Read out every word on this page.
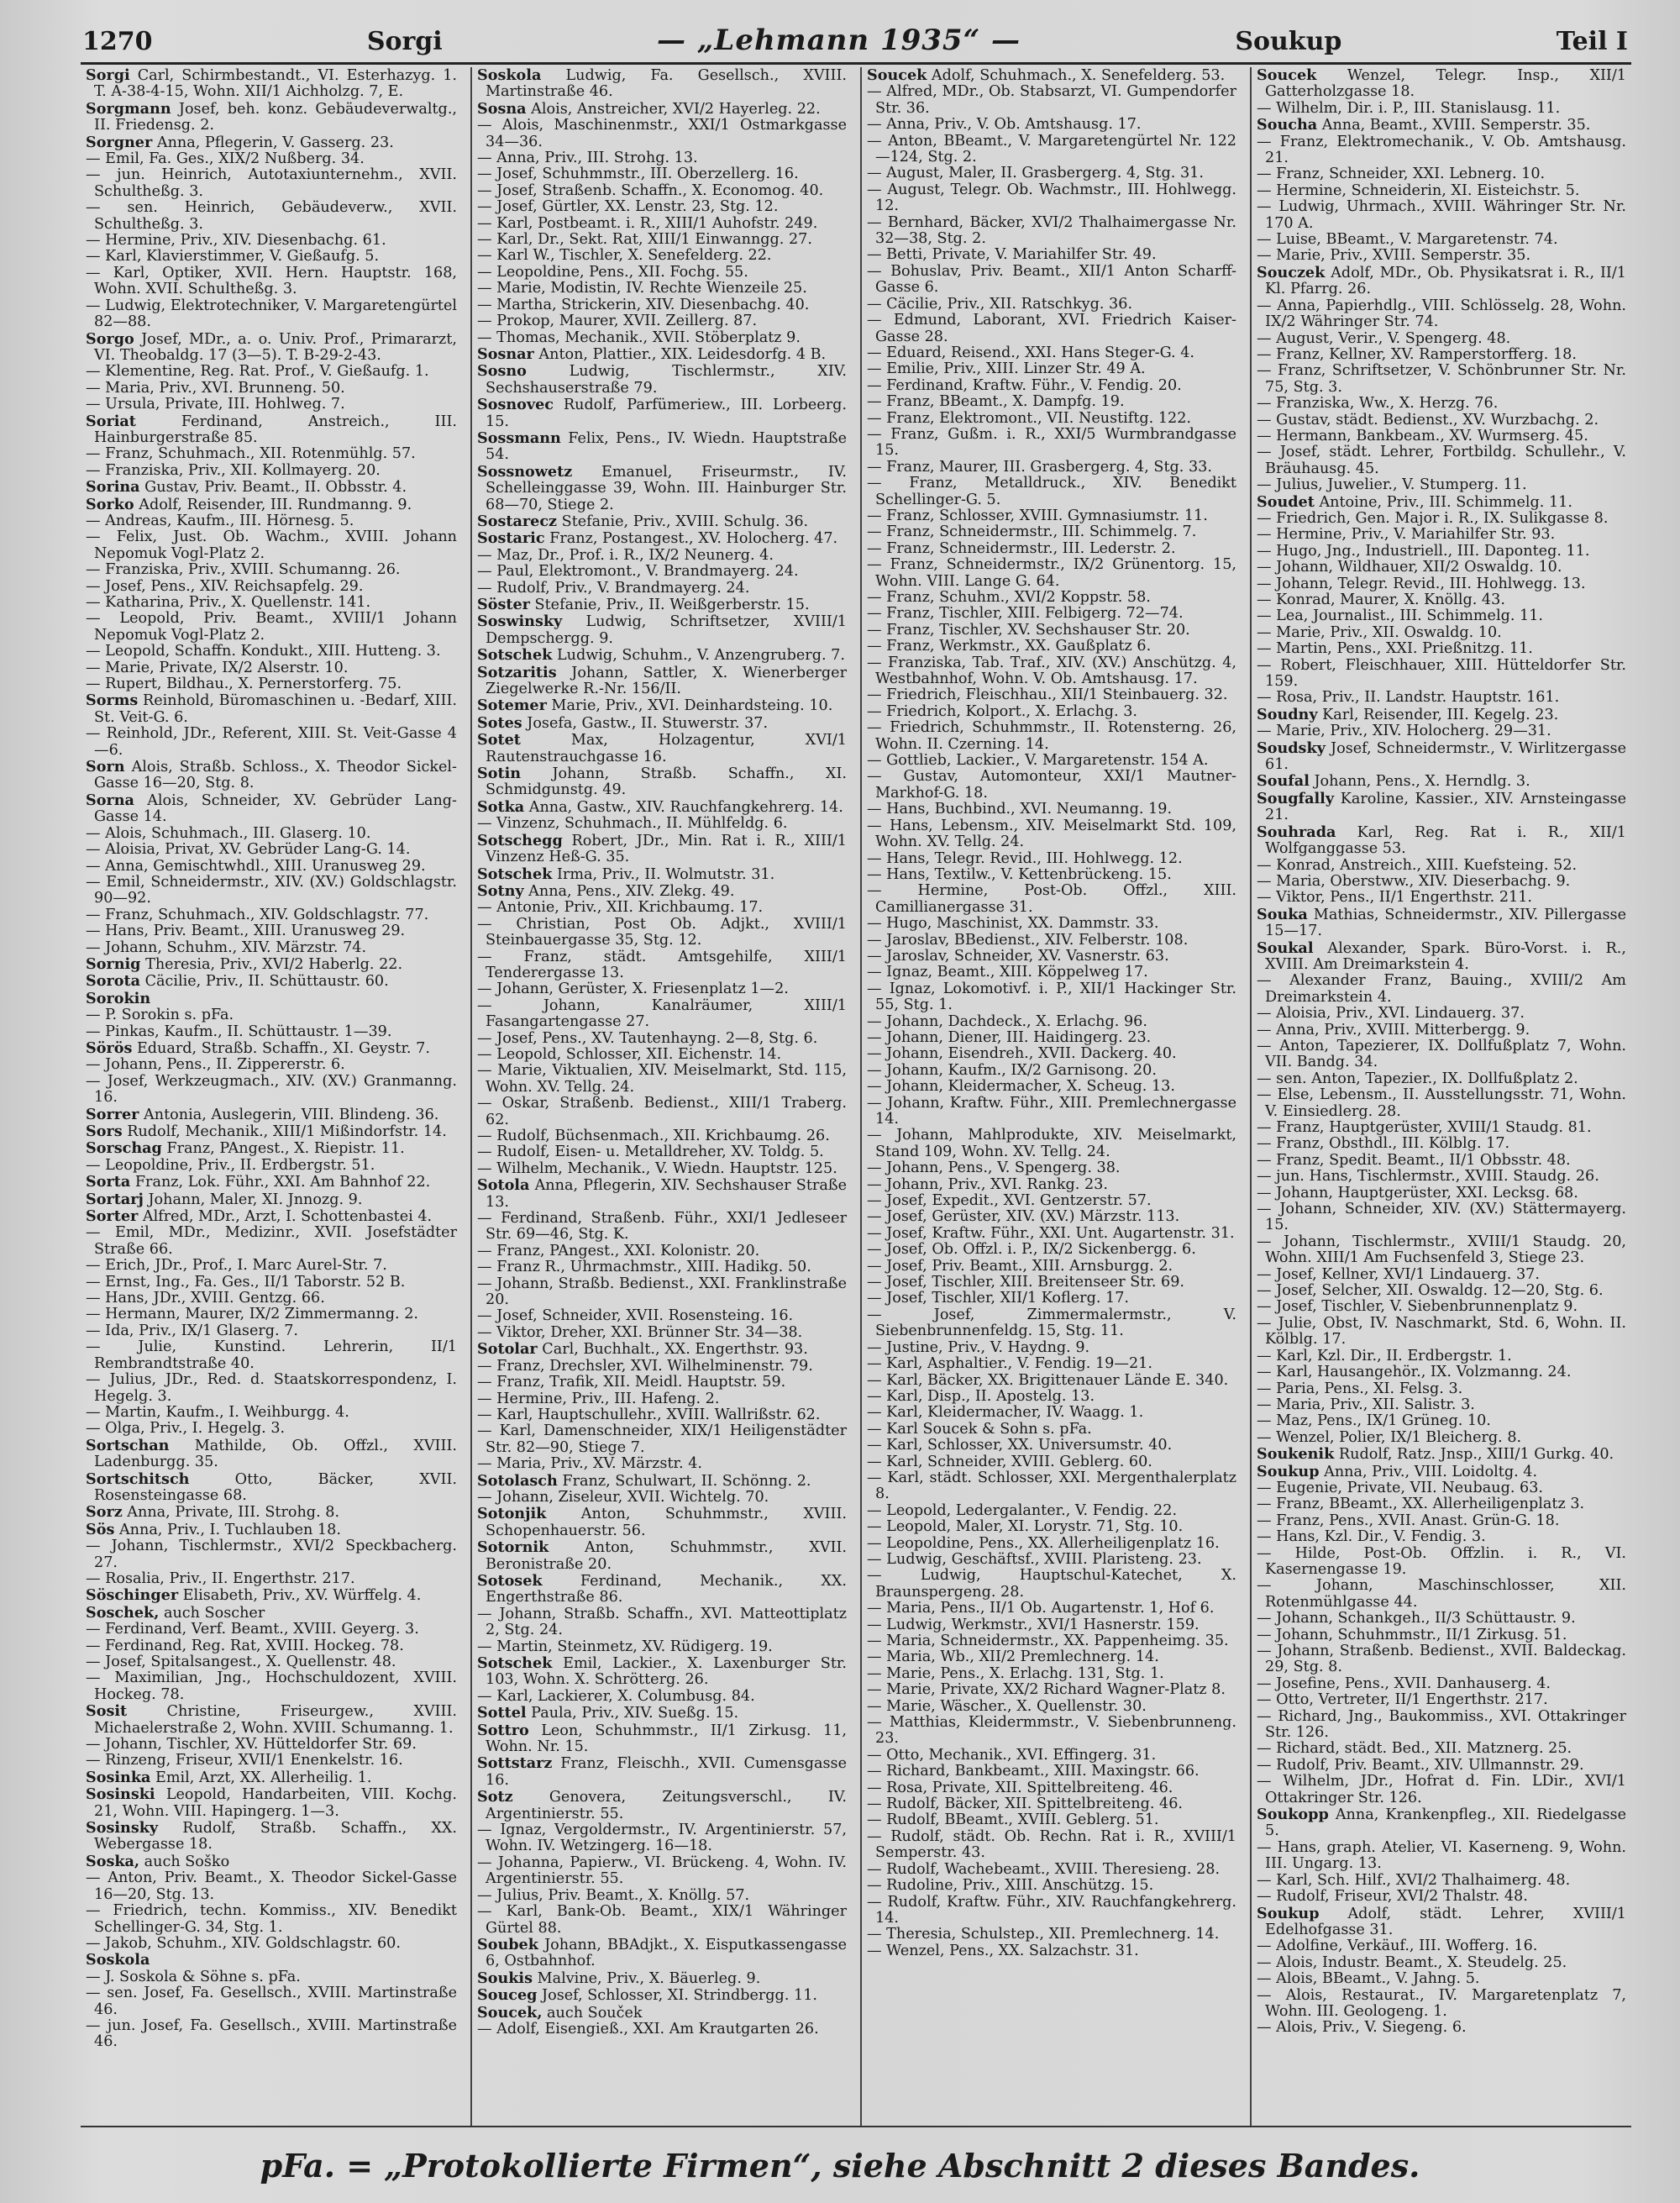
1270	Sorgi	— „Lehmann 1935“ —	Soukup	Teil I

Sorgi Carl, Schirmbestandt., VI. Esterhazyg. 1. T. A-38-4-15, Wohn. XII/1 Aichholzg. 7, E.

Sorgmann Josef, beh. konz. Gebäudeverwaltg., II. Friedensg. 2.

Sorgner Anna, Pflegerin, V. Gasserg. 23.

— Emil, Fa. Ges., XIX/2 Nußberg. 34.

— jun. Heinrich, Autotaxiunternehm., XVII. Schultheßg. 3.

— sen. Heinrich, Gebäudeverw., XVII. Schultheßg. 3.

— Hermine, Priv., XIV. Diesenbachg. 61.

— Karl, Klavierstimmer, V. Gießaufg. 5.

— Karl, Optiker, XVII. Hern. Hauptstr. 168, Wohn. XVII. Schultheßg. 3.

— Ludwig, Elektrotechniker, V. Margaretengürtel 82—88.

Sorgo Josef, MDr., a. o. Univ. Prof., Primararzt, VI. Theobaldg. 17 (3—5). T. B-29-2-43.

— Klementine, Reg. Rat. Prof., V. Gießaufg. 1.

— Maria, Priv., XVI. Brunneng. 50.

— Ursula, Private, III. Hohlweg. 7.

Soriat Ferdinand, Anstreich., III. Hainburgerstraße 85.

— Franz, Schuhmach., XII. Rotenmühlg. 57.

— Franziska, Priv., XII. Kollmayerg. 20.

Sorina Gustav, Priv. Beamt., II. Obbsstr. 4.

Sorko Adolf, Reisender, III. Rundmanng. 9.

— Andreas, Kaufm., III. Hörnesg. 5.

— Felix, Just. Ob. Wachm., XVIII. Johann Nepomuk Vogl-Platz 2.

— Franziska, Priv., XVIII. Schumanng. 26.

— Josef, Pens., XIV. Reichsapfelg. 29.

— Katharina, Priv., X. Quellenstr. 141.

— Leopold, Priv. Beamt., XVIII/1 Johann Nepomuk Vogl-Platz 2.

— Leopold, Schaffn. Kondukt., XIII. Hutteng. 3.

— Marie, Private, IX/2 Alserstr. 10.

— Rupert, Bildhau., X. Pernerstorferg. 75.

Sorms Reinhold, Büromaschinen u. -Bedarf, XIII. St. Veit-G. 6.

— Reinhold, JDr., Referent, XIII. St. Veit-Gasse 4—6.

Sorn Alois, Straßb. Schloss., X. Theodor Sickel-Gasse 16—20, Stg. 8.

Sorna Alois, Schneider, XV. Gebrüder Lang-Gasse 14.

— Alois, Schuhmach., III. Glaserg. 10.

— Aloisia, Privat, XV. Gebrüder Lang-G. 14.

— Anna, Gemischtwhdl., XIII. Uranusweg 29.

— Emil, Schneidermstr., XIV. (XV.) Goldschlagstr. 90—92.

— Franz, Schuhmach., XIV. Goldschlagstr. 77.

— Hans, Priv. Beamt., XIII. Uranusweg 29.

— Johann, Schuhm., XIV. Märzstr. 74.

Sornig Theresia, Priv., XVI/2 Haberlg. 22.

Sorota Cäcilie, Priv., II. Schüttaustr. 60.

Sorokin

— P. Sorokin s. pFa.

— Pinkas, Kaufm., II. Schüttaustr. 1—39.

Sörös Eduard, Straßb. Schaffn., XI. Geystr. 7.

— Johann, Pens., II. Zippererstr. 6.

— Josef, Werkzeugmach., XIV. (XV.) Granmanng. 16.

Sorrer Antonia, Auslegerin, VIII. Blindeng. 36.

Sors Rudolf, Mechanik., XIII/1 Mißindorfstr. 14.

Sorschag Franz, PAngest., X. Riepistr. 11.

— Leopoldine, Priv., II. Erdbergstr. 51.

Sorta Franz, Lok. Führ., XXI. Am Bahnhof 22.

Sortarj Johann, Maler, XI. Jnnozg. 9.

Sorter Alfred, MDr., Arzt, I. Schottenbastei 4.

— Emil, MDr., Medizinr., XVII. Josefstädter Straße 66.

— Erich, JDr., Prof., I. Marc Aurel-Str. 7.

— Ernst, Ing., Fa. Ges., II/1 Taborstr. 52 B.

— Hans, JDr., XVIII. Gentzg. 66.

— Hermann, Maurer, IX/2 Zimmermanng. 2.

— Ida, Priv., IX/1 Glaserg. 7.

— Julie, Kunstind. Lehrerin, II/1 Rembrandtstraße 40.

— Julius, JDr., Red. d. Staatskorrespondenz, I. Hegelg. 3.

— Martin, Kaufm., I. Weihburgg. 4.

— Olga, Priv., I. Hegelg. 3.

Sortschan Mathilde, Ob. Offzl., XVIII. Ladenburgg. 35.

Sortschitsch Otto, Bäcker, XVII. Rosensteingasse 68.

Sorz Anna, Private, III. Strohg. 8.

Sös Anna, Priv., I. Tuchlauben 18.

— Johann, Tischlermstr., XVI/2 Speckbacherg. 27.

— Rosalia, Priv., II. Engerthstr. 217.

Söschinger Elisabeth, Priv., XV. Würffelg. 4.

Soschek, auch Soscher

— Ferdinand, Verf. Beamt., XVIII. Geyerg. 3.

— Ferdinand, Reg. Rat, XVIII. Hockeg. 78.

— Josef, Spitalsangest., X. Quellenstr. 48.

— Maximilian, Jng., Hochschuldozent, XVIII. Hockeg. 78.

Sosit Christine, Friseurgew., XVIII. Michaelerstraße 2, Wohn. XVIII. Schumanng. 1.

— Johann, Tischler, XV. Hütteldorfer Str. 69.

— Rinzeng, Friseur, XVII/1 Enenkelstr. 16.

Sosinka Emil, Arzt, XX. Allerheilig. 1.

Sosinski Leopold, Handarbeiten, VIII. Kochg. 21, Wohn. VIII. Hapingerg. 1—3.

Sosinsky Rudolf, Straßb. Schaffn., XX. Webergasse 18.

Soska, auch Soško

— Anton, Priv. Beamt., X. Theodor Sickel-Gasse 16—20, Stg. 13.

— Friedrich, techn. Kommiss., XIV. Benedikt Schellinger-G. 34, Stg. 1.

— Jakob, Schuhm., XIV. Goldschlagstr. 60.

Soskola

— J. Soskola & Söhne s. pFa.

— sen. Josef, Fa. Gesellsch., XVIII. Martinstraße 46.

— jun. Josef, Fa. Gesellsch., XVIII. Martinstraße 46.

Soskola Ludwig, Fa. Gesellsch., XVIII. Martinstraße 46.

Sosna Alois, Anstreicher, XVI/2 Hayerleg. 22.

— Alois, Maschinenmstr., XXI/1 Ostmarkgasse 34—36.

— Anna, Priv., III. Strohg. 13.

— Josef, Schuhmmstr., III. Oberzellerg. 16.

— Josef, Straßenb. Schaffn., X. Economog. 40.

— Josef, Gürtler, XX. Lenstr. 23, Stg. 12.

— Karl, Postbeamt. i. R., XIII/1 Auhofstr. 249.

— Karl, Dr., Sekt. Rat, XIII/1 Einwanngg. 27.

— Karl W., Tischler, X. Senefelderg. 22.

— Leopoldine, Pens., XII. Fochg. 55.

— Marie, Modistin, IV. Rechte Wienzeile 25.

— Martha, Strickerin, XIV. Diesenbachg. 40.

— Prokop, Maurer, XVII. Zeillerg. 87.

— Thomas, Mechanik., XVII. Stöberplatz 9.

Sosnar Anton, Plattier., XIX. Leidesdorfg. 4 B.

Sosno Ludwig, Tischlermstr., XIV. Sechshauserstraße 79.

Sosnovec Rudolf, Parfümeriew., III. Lorbeerg. 15.

Sossmann Felix, Pens., IV. Wiedn. Hauptstraße 54.

Sossnowetz Emanuel, Friseurmstr., IV. Schelleinggasse 39, Wohn. III. Hainburger Str. 68—70, Stiege 2.

Sostarecz Stefanie, Priv., XVIII. Schulg. 36.

Sostaric Franz, Postangest., XV. Holocherg. 47.

— Maz, Dr., Prof. i. R., IX/2 Neunerg. 4.

— Paul, Elektromont., V. Brandmayerg. 24.

— Rudolf, Priv., V. Brandmayerg. 24.

Söster Stefanie, Priv., II. Weißgerberstr. 15.

Soswinsky Ludwig, Schriftsetzer, XVIII/1 Dempschergg. 9.

Sotschek Ludwig, Schuhm., V. Anzengruberg. 7.

Sotzaritis Johann, Sattler, X. Wienerberger Ziegelwerke R.-Nr. 156/II.

Sotemer Marie, Priv., XVI. Deinhardsteing. 10.

Sotes Josefa, Gastw., II. Stuwerstr. 37.

Sotet Max, Holzagentur, XVI/1 Rautenstrauchgasse 16.

Sotin Johann, Straßb. Schaffn., XI. Schmidgunstg. 49.

Sotka Anna, Gastw., XIV. Rauchfangkehrerg. 14.

— Vinzenz, Schuhmach., II. Mühlfeldg. 6.

Sotschegg Robert, JDr., Min. Rat i. R., XIII/1 Vinzenz Heß-G. 35.

Sotschek Irma, Priv., II. Wolmutstr. 31.

Sotny Anna, Pens., XIV. Zlekg. 49.

— Antonie, Priv., XII. Krichbaumg. 17.

— Christian, Post Ob. Adjkt., XVIII/1 Steinbauergasse 35, Stg. 12.

— Franz, städt. Amtsgehilfe, XIII/1 Tenderergasse 13.

— Johann, Gerüster, X. Friesenplatz 1—2.

— Johann, Kanalräumer, XIII/1 Fasangartengasse 27.

— Josef, Pens., XV. Tautenhayng. 2—8, Stg. 6.

— Leopold, Schlosser, XII. Eichenstr. 14.

— Marie, Viktualien, XIV. Meiselmarkt, Std. 115, Wohn. XV. Tellg. 24.

— Oskar, Straßenb. Bedienst., XIII/1 Traberg. 62.

— Rudolf, Büchsenmach., XII. Krichbaumg. 26.

— Rudolf, Eisen- u. Metalldreher, XV. Toldg. 5.

— Wilhelm, Mechanik., V. Wiedn. Hauptstr. 125.

Sotola Anna, Pflegerin, XIV. Sechshauser Straße 13.

— Ferdinand, Straßenb. Führ., XXI/1 Jedleseer Str. 69—46, Stg. K.

— Franz, PAngest., XXI. Kolonistr. 20.

— Franz R., Uhrmachmstr., XIII. Hadikg. 50.

— Johann, Straßb. Bedienst., XXI. Franklinstraße 20.

— Josef, Schneider, XVII. Rosensteing. 16.

— Viktor, Dreher, XXI. Brünner Str. 34—38.

Sotolar Carl, Buchhalt., XX. Engerthstr. 93.

— Franz, Drechsler, XVI. Wilhelminenstr. 79.

— Franz, Trafik, XII. Meidl. Hauptstr. 59.

— Hermine, Priv., III. Hafeng. 2.

— Karl, Hauptschullehr., XVIII. Wallrißstr. 62.

— Karl, Damenschneider, XIX/1 Heiligenstädter Str. 82—90, Stiege 7.

— Maria, Priv., XV. Märzstr. 4.

Sotolasch Franz, Schulwart, II. Schönng. 2.

— Johann, Ziseleur, XVII. Wichtelg. 70.

Sotonjik Anton, Schuhmmstr., XVIII. Schopenhauerstr. 56.

Sotornik Anton, Schuhmmstr., XVII. Beronistraße 20.

Sotosek Ferdinand, Mechanik., XX. Engerthstraße 86.

— Johann, Straßb. Schaffn., XVI. Matteottiplatz 2, Stg. 24.

— Martin, Steinmetz, XV. Rüdigerg. 19.

Sotschek Emil, Lackier., X. Laxenburger Str. 103, Wohn. X. Schrötterg. 26.

— Karl, Lackierer, X. Columbusg. 84.

Sottel Paula, Priv., XIV. Sueßg. 15.

Sottro Leon, Schuhmmstr., II/1 Zirkusg. 11, Wohn. Nr. 15.

Sottstarz Franz, Fleischh., XVII. Cumensgasse 16.

Sotz Genovera, Zeitungsverschl., IV. Argentinierstr. 55.

— Ignaz, Vergoldermstr., IV. Argentinierstr. 57, Wohn. IV. Wetzingerg. 16—18.

— Johanna, Papierw., VI. Brückeng. 4, Wohn. IV. Argentinierstr. 55.

— Julius, Priv. Beamt., X. Knöllg. 57.

— Karl, Bank-Ob. Beamt., XIX/1 Währinger Gürtel 88.

Soubek Johann, BBAdjkt., X. Eisputkassengasse 6, Ostbahnhof.

Soukis Malvine, Priv., X. Bäuerleg. 9.

Souceg Josef, Schlosser, XI. Strindbergg. 11.

Soucek, auch Souček

— Adolf, Eisengieß., XXI. Am Krautgarten 26.

Soucek Adolf, Schuhmach., X. Senefelderg. 53.

— Alfred, MDr., Ob. Stabsarzt, VI. Gumpendorfer Str. 36.

— Anna, Priv., V. Ob. Amtshausg. 17.

— Anton, BBeamt., V. Margaretengürtel Nr. 122—124, Stg. 2.

— August, Maler, II. Grasbergerg. 4, Stg. 31.

— August, Telegr. Ob. Wachmstr., III. Hohlwegg. 12.

— Bernhard, Bäcker, XVI/2 Thalhaimergasse Nr. 32—38, Stg. 2.

— Betti, Private, V. Mariahilfer Str. 49.

— Bohuslav, Priv. Beamt., XII/1 Anton Scharff-Gasse 6.

— Cäcilie, Priv., XII. Ratschkyg. 36.

— Edmund, Laborant, XVI. Friedrich Kaiser-Gasse 28.

— Eduard, Reisend., XXI. Hans Steger-G. 4.

— Emilie, Priv., XIII. Linzer Str. 49 A.

— Ferdinand, Kraftw. Führ., V. Fendig. 20.

— Franz, BBeamt., X. Dampfg. 19.

— Franz, Elektromont., VII. Neustiftg. 122.

— Franz, Gußm. i. R., XXI/5 Wurmbrandgasse 15.

— Franz, Maurer, III. Grasbergerg. 4, Stg. 33.

— Franz, Metalldruck., XIV. Benedikt Schellinger-G. 5.

— Franz, Schlosser, XVIII. Gymnasiumstr. 11.

— Franz, Schneidermstr., III. Schimmelg. 7.

— Franz, Schneidermstr., III. Lederstr. 2.

— Franz, Schneidermstr., IX/2 Grünentorg. 15, Wohn. VIII. Lange G. 64.

— Franz, Schuhm., XVI/2 Koppstr. 58.

— Franz, Tischler, XIII. Felbigerg. 72—74.

— Franz, Tischler, XV. Sechshauser Str. 20.

— Franz, Werkmstr., XX. Gaußplatz 6.

— Franziska, Tab. Traf., XIV. (XV.) Anschützg. 4, Westbahnhof, Wohn. V. Ob. Amtshausg. 17.

— Friedrich, Fleischhau., XII/1 Steinbauerg. 32.

— Friedrich, Kolport., X. Erlachg. 3.

— Friedrich, Schuhmmstr., II. Rotensterng. 26, Wohn. II. Czerning. 14.

— Gottlieb, Lackier., V. Margaretenstr. 154 A.

— Gustav, Automonteur, XXI/1 Mautner-Markhof-G. 18.

— Hans, Buchbind., XVI. Neumanng. 19.

— Hans, Lebensm., XIV. Meiselmarkt Std. 109, Wohn. XV. Tellg. 24.

— Hans, Telegr. Revid., III. Hohlwegg. 12.

— Hans, Textilw., V. Kettenbrückeng. 15.

— Hermine, Post-Ob. Offzl., XIII. Camillianergasse 31.

— Hugo, Maschinist, XX. Dammstr. 33.

— Jaroslav, BBedienst., XIV. Felberstr. 108.

— Jaroslav, Schneider, XV. Vasnerstr. 63.

— Ignaz, Beamt., XIII. Köppelweg 17.

— Ignaz, Lokomotivf. i. P., XII/1 Hackinger Str. 55, Stg. 1.

— Johann, Dachdeck., X. Erlachg. 96.

— Johann, Diener, III. Haidingerg. 23.

— Johann, Eisendreh., XVII. Dackerg. 40.

— Johann, Kaufm., IX/2 Garnisong. 20.

— Johann, Kleidermacher, X. Scheug. 13.

— Johann, Kraftw. Führ., XIII. Premlechnergasse 14.

— Johann, Mahlprodukte, XIV. Meiselmarkt, Stand 109, Wohn. XV. Tellg. 24.

— Johann, Pens., V. Spengerg. 38.

— Johann, Priv., XVI. Rankg. 23.

— Josef, Expedit., XVI. Gentzerstr. 57.

— Josef, Gerüster, XIV. (XV.) Märzstr. 113.

— Josef, Kraftw. Führ., XXI. Unt. Augartenstr. 31.

— Josef, Ob. Offzl. i. P., IX/2 Sickenbergg. 6.

— Josef, Priv. Beamt., XIII. Arnsburgg. 2.

— Josef, Tischler, XIII. Breitenseer Str. 69.

— Josef, Tischler, XII/1 Koflerg. 17.

— Josef, Zimmermalermstr., V. Siebenbrunnenfeldg. 15, Stg. 11.

— Justine, Priv., V. Haydng. 9.

— Karl, Asphaltier., V. Fendig. 19—21.

— Karl, Bäcker, XX. Brigittenauer Lände E. 340.

— Karl, Disp., II. Apostelg. 13.

— Karl, Kleidermacher, IV. Waagg. 1.

— Karl Soucek & Sohn s. pFa.

— Karl, Schlosser, XX. Universumstr. 40.

— Karl, Schneider, XVIII. Geblerg. 60.

— Karl, städt. Schlosser, XXI. Mergenthalerplatz 8.

— Leopold, Ledergalanter., V. Fendig. 22.

— Leopold, Maler, XI. Lorystr. 71, Stg. 10.

— Leopoldine, Pens., XX. Allerheiligenplatz 16.

— Ludwig, Geschäftsf., XVIII. Plaristeng. 23.

— Ludwig, Hauptschul-Katechet, X. Braunspergeng. 28.

— Maria, Pens., II/1 Ob. Augartenstr. 1, Hof 6.

— Ludwig, Werkmstr., XVI/1 Hasnerstr. 159.

— Maria, Schneidermstr., XX. Pappenheimg. 35.

— Maria, Wb., XII/2 Premlechnerg. 14.

— Marie, Pens., X. Erlachg. 131, Stg. 1.

— Marie, Private, XX/2 Richard Wagner-Platz 8.

— Marie, Wäscher., X. Quellenstr. 30.

— Matthias, Kleidermmstr., V. Siebenbrunneng. 23.

— Otto, Mechanik., XVI. Effingerg. 31.

— Richard, Bankbeamt., XIII. Maxingstr. 66.

— Rosa, Private, XII. Spittelbreiteng. 46.

— Rudolf, Bäcker, XII. Spittelbreiteng. 46.

— Rudolf, BBeamt., XVIII. Geblerg. 51.

— Rudolf, städt. Ob. Rechn. Rat i. R., XVIII/1 Semperstr. 43.

— Rudolf, Wachebeamt., XVIII. Theresieng. 28.

— Rudoline, Priv., XIII. Anschützg. 15.

— Rudolf, Kraftw. Führ., XIV. Rauchfangkehrerg. 14.

— Theresia, Schulstep., XII. Premlechnerg. 14.

— Wenzel, Pens., XX. Salzachstr. 31.

Soucek Wenzel, Telegr. Insp., XII/1 Gatterholzgasse 18.

— Wilhelm, Dir. i. P., III. Stanislausg. 11.

Soucha Anna, Beamt., XVIII. Semperstr. 35.

— Franz, Elektromechanik., V. Ob. Amtshausg. 21.

— Franz, Schneider, XXI. Lebnerg. 10.

— Hermine, Schneiderin, XI. Eisteichstr. 5.

— Ludwig, Uhrmach., XVIII. Währinger Str. Nr. 170 A.

— Luise, BBeamt., V. Margaretenstr. 74.

— Marie, Priv., XVIII. Semperstr. 35.

Souczek Adolf, MDr., Ob. Physikatsrat i. R., II/1 Kl. Pfarrg. 26.

— Anna, Papierhdlg., VIII. Schlösselg. 28, Wohn. IX/2 Währinger Str. 74.

— August, Verir., V. Spengerg. 48.

— Franz, Kellner, XV. Ramperstorfferg. 18.

— Franz, Schriftsetzer, V. Schönbrunner Str. Nr. 75, Stg. 3.

— Franziska, Ww., X. Herzg. 76.

— Gustav, städt. Bedienst., XV. Wurzbachg. 2.

— Hermann, Bankbeam., XV. Wurmserg. 45.

— Josef, städt. Lehrer, Fortbildg. Schullehr., V. Bräuhausg. 45.

— Julius, Juwelier., V. Stumperg. 11.

Soudet Antoine, Priv., III. Schimmelg. 11.

— Friedrich, Gen. Major i. R., IX. Sulikgasse 8.

— Hermine, Priv., V. Mariahilfer Str. 93.

— Hugo, Jng., Industriell., III. Daponteg. 11.

— Johann, Wildhauer, XII/2 Oswaldg. 10.

— Johann, Telegr. Revid., III. Hohlwegg. 13.

— Konrad, Maurer, X. Knöllg. 43.

— Lea, Journalist., III. Schimmelg. 11.

— Marie, Priv., XII. Oswaldg. 10.

— Martin, Pens., XXI. Prießnitzg. 11.

— Robert, Fleischhauer, XIII. Hütteldorfer Str. 159.

— Rosa, Priv., II. Landstr. Hauptstr. 161.

Soudny Karl, Reisender, III. Kegelg. 23.

— Marie, Priv., XIV. Holocherg. 29—31.

Soudsky Josef, Schneidermstr., V. Wirlitzergasse 61.

Soufal Johann, Pens., X. Herndlg. 3.

Sougfally Karoline, Kassier., XIV. Arnsteingasse 21.

Souhrada Karl, Reg. Rat i. R., XII/1 Wolfganggasse 53.

— Konrad, Anstreich., XIII. Kuefsteing. 52.

— Maria, Oberstww., XIV. Dieserbachg. 9.

— Viktor, Pens., II/1 Engerthstr. 211.

Souka Mathias, Schneidermstr., XIV. Pillergasse 15—17.

Soukal Alexander, Spark. Büro-Vorst. i. R., XVIII. Am Dreimarkstein 4.

— Alexander Franz, Bauing., XVIII/2 Am Dreimarkstein 4.

— Aloisia, Priv., XVI. Lindauerg. 37.

— Anna, Priv., XVIII. Mitterbergg. 9.

— Anton, Tapezierer, IX. Dollfußplatz 7, Wohn. VII. Bandg. 34.

— sen. Anton, Tapezier., IX. Dollfußplatz 2.

— Else, Lebensm., II. Ausstellungsstr. 71, Wohn. V. Einsiedlerg. 28.

— Franz, Hauptgerüster, XVIII/1 Staudg. 81.

— Franz, Obsthdl., III. Kölblg. 17.

— Franz, Spedit. Beamt., II/1 Obbsstr. 48.

— jun. Hans, Tischlermstr., XVIII. Staudg. 26.

— Johann, Hauptgerüster, XXI. Lecksg. 68.

— Johann, Schneider, XIV. (XV.) Stättermayerg. 15.

— Johann, Tischlermstr., XVIII/1 Staudg. 20, Wohn. XIII/1 Am Fuchsenfeld 3, Stiege 23.

— Josef, Kellner, XVI/1 Lindauerg. 37.

— Josef, Selcher, XII. Oswaldg. 12—20, Stg. 6.

— Josef, Tischler, V. Siebenbrunnenplatz 9.

— Julie, Obst, IV. Naschmarkt, Std. 6, Wohn. II. Kölblg. 17.

— Karl, Kzl. Dir., II. Erdbergstr. 1.

— Karl, Hausangehör., IX. Volzmanng. 24.

— Paria, Pens., XI. Felsg. 3.

— Maria, Priv., XII. Salistr. 3.

— Maz, Pens., IX/1 Grüneg. 10.

— Wenzel, Polier, IX/1 Bleicherg. 8.

Soukenik Rudolf, Ratz. Jnsp., XIII/1 Gurkg. 40.

Soukup Anna, Priv., VIII. Loidoltg. 4.

— Eugenie, Private, VII. Neubaug. 63.

— Franz, BBeamt., XX. Allerheiligenplatz 3.

— Franz, Pens., XVII. Anast. Grün-G. 18.

— Hans, Kzl. Dir., V. Fendig. 3.

— Hilde, Post-Ob. Offzlin. i. R., VI. Kasernengasse 19.

— Johann, Maschinschlosser, XII. Rotenmühlgasse 44.

— Johann, Schankgeh., II/3 Schüttaustr. 9.

— Johann, Schuhmmstr., II/1 Zirkusg. 51.

— Johann, Straßenb. Bedienst., XVII. Baldeckag. 29, Stg. 8.

— Josefine, Pens., XVII. Danhauserg. 4.

— Otto, Vertreter, II/1 Engerthstr. 217.

— Richard, Jng., Baukommiss., XVI. Ottakringer Str. 126.

— Richard, städt. Bed., XII. Matznerg. 25.

— Rudolf, Priv. Beamt., XIV. Ullmannstr. 29.

— Wilhelm, JDr., Hofrat d. Fin. LDir., XVI/1 Ottakringer Str. 126.

Soukopp Anna, Krankenpfleg., XII. Riedelgasse 5.

— Hans, graph. Atelier, VI. Kaserneng. 9, Wohn. III. Ungarg. 13.

— Karl, Sch. Hilf., XVI/2 Thalhaimerg. 48.

— Rudolf, Friseur, XVI/2 Thalstr. 48.

Soukup Adolf, städt. Lehrer, XVIII/1 Edelhofgasse 31.

— Adolfine, Verkäuf., III. Wofferg. 16.

— Alois, Industr. Beamt., X. Steudelg. 25.

— Alois, BBeamt., V. Jahng. 5.

— Alois, Restaurat., IV. Margaretenplatz 7, Wohn. III. Geologeng. 1.

— Alois, Priv., V. Siegeng. 6.

pFa. = „Protokollierte Firmen“, siehe Abschnitt 2 dieses Bandes.
